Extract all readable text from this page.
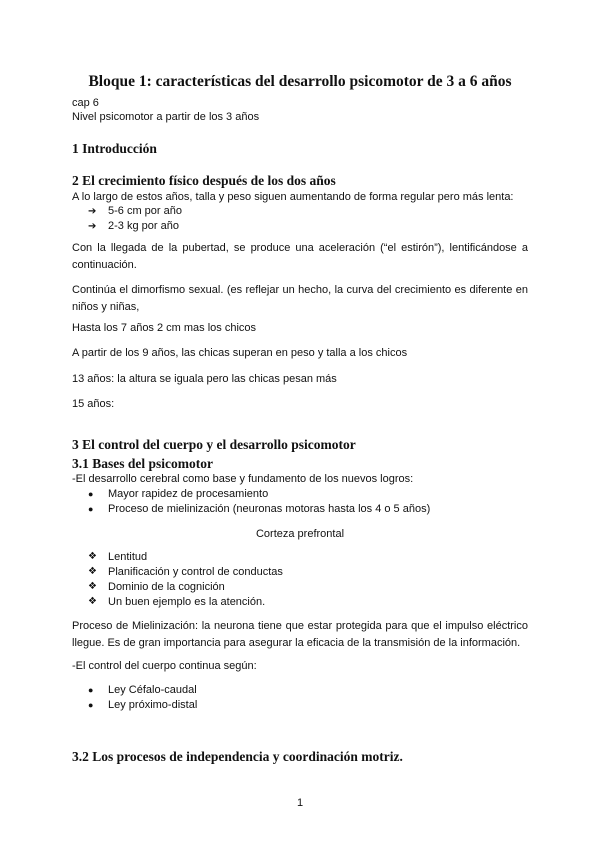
Bloque 1: características del desarrollo psicomotor de 3 a 6 años
cap 6
Nivel psicomotor a partir de los 3 años
1 Introducción
2 El crecimiento físico después de los dos años
A lo largo de estos años, talla y peso siguen aumentando de forma regular pero más lenta:
➔ 5-6 cm por año
➔ 2-3 kg por año
Con la llegada de la pubertad, se produce una aceleración (“el estirón”), lentificándose a continuación.
Continúa el dimorfismo sexual. (es reflejar un hecho, la curva del crecimiento es diferente en niños y niñas,
Hasta los 7 años 2 cm mas los chicos
A partir de los 9 años, las chicas superan en peso y talla a los chicos
13 años: la altura se iguala pero las chicas pesan más
15 años:
3 El control del cuerpo y el desarrollo psicomotor
3.1 Bases del psicomotor
-El desarrollo cerebral como base y fundamento de los nuevos logros:
● Mayor rapidez de procesamiento
● Proceso de mielinización (neuronas motoras hasta los 4 o 5 años)
Corteza prefrontal
❖ Lentitud
❖ Planificación y control de conductas
❖ Dominio de la cognición
❖ Un buen ejemplo es la atención.
Proceso de Mielinización: la neurona tiene que estar protegida para que el impulso eléctrico llegue. Es de gran importancia para asegurar la eficacia de la transmisión de la información.
-El control del cuerpo continua según:
● Ley Céfalo-caudal
● Ley próximo-distal
3.2 Los procesos de independencia y coordinación motriz.
1
